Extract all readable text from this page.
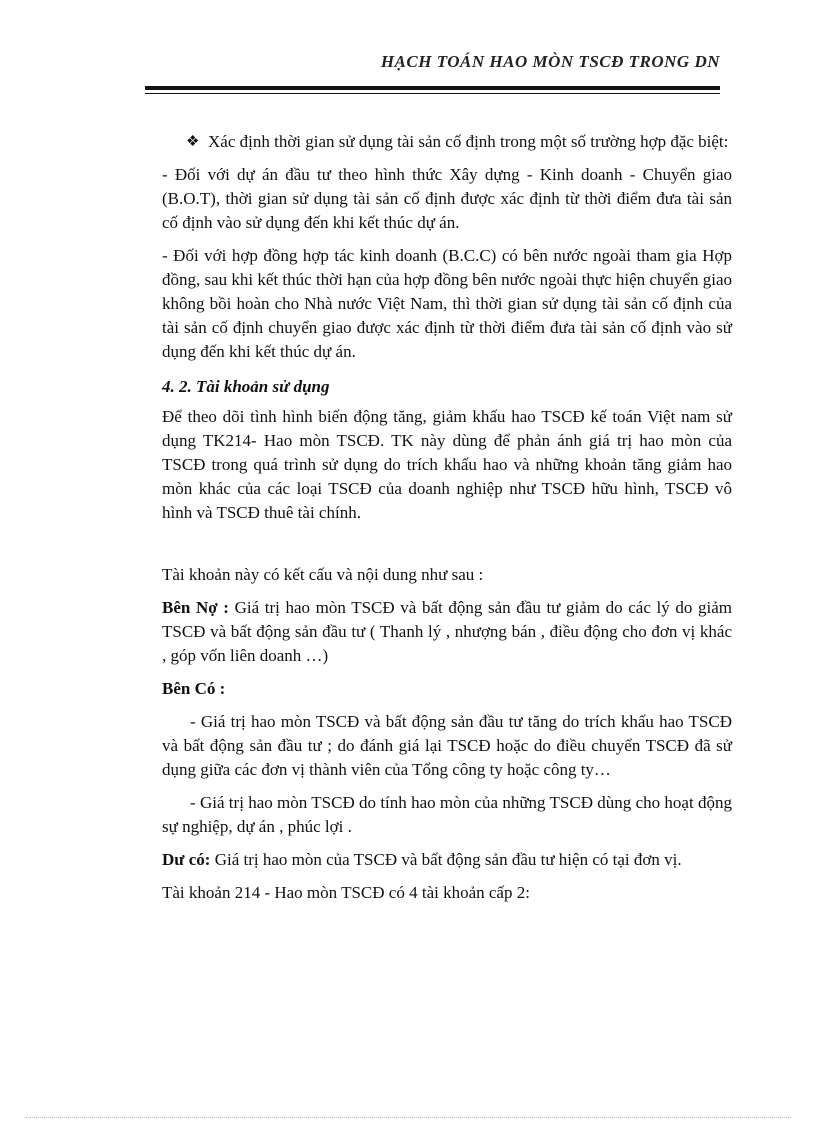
HẠCH TOÁN HAO MÒN TSCĐ TRONG DN
❖ Xác định thời gian sử dụng tài sản cố định trong một số trường hợp đặc biệt:

- Đối với dự án đầu tư theo hình thức Xây dựng - Kinh doanh - Chuyển giao (B.O.T), thời gian sử dụng tài sản cố định được xác định từ thời điểm đưa tài sản cố định vào sử dụng đến khi kết thúc dự án.

- Đối với hợp đồng hợp tác kinh doanh (B.C.C) có bên nước ngoài tham gia Hợp đồng, sau khi kết thúc thời hạn của hợp đồng bên nước ngoài thực hiện chuyển giao không bồi hoàn cho Nhà nước Việt Nam, thì thời gian sử dụng tài sản cố định của tài sản cố định chuyển giao được xác định từ thời điểm đưa tài sản cố định vào sử dụng đến khi kết thúc dự án.

4. 2. Tài khoản sử dụng

Để theo dõi tình hình biến động tăng, giảm khấu hao TSCĐ kế toán Việt nam sử dụng TK214- Hao mòn TSCĐ. TK này dùng để phản ánh giá trị hao mòn của TSCĐ trong quá trình sử dụng do trích khấu hao và những khoản tăng giảm hao mòn khác của các loại TSCĐ của doanh nghiệp như TSCĐ hữu hình, TSCĐ vô hình và TSCĐ thuê tài chính.

Tài khoản này có kết cấu và nội dung như sau :

Bên Nợ : Giá trị hao mòn TSCĐ và bất động sản đầu tư giảm do các lý do giảm TSCĐ và bất động sản đầu tư ( Thanh lý , nhượng bán , điều động cho đơn vị khác , góp vốn liên doanh …)

Bên Có :

- Giá trị hao mòn TSCĐ và bất động sản đầu tư tăng do trích khấu hao TSCĐ và bất động sản đầu tư ; do đánh giá lại TSCĐ hoặc do điều chuyển TSCĐ đã sử dụng giữa các đơn vị thành viên của Tổng công ty hoặc công ty…

- Giá trị hao mòn TSCĐ do tính hao mòn của những TSCĐ dùng cho hoạt động sự nghiệp, dự án , phúc lợi .

Dư có: Giá trị hao mòn của TSCĐ và bất động sản đầu tư hiện có tại đơn vị.

Tài khoản 214 - Hao mòn TSCĐ có 4 tài khoản cấp 2:
